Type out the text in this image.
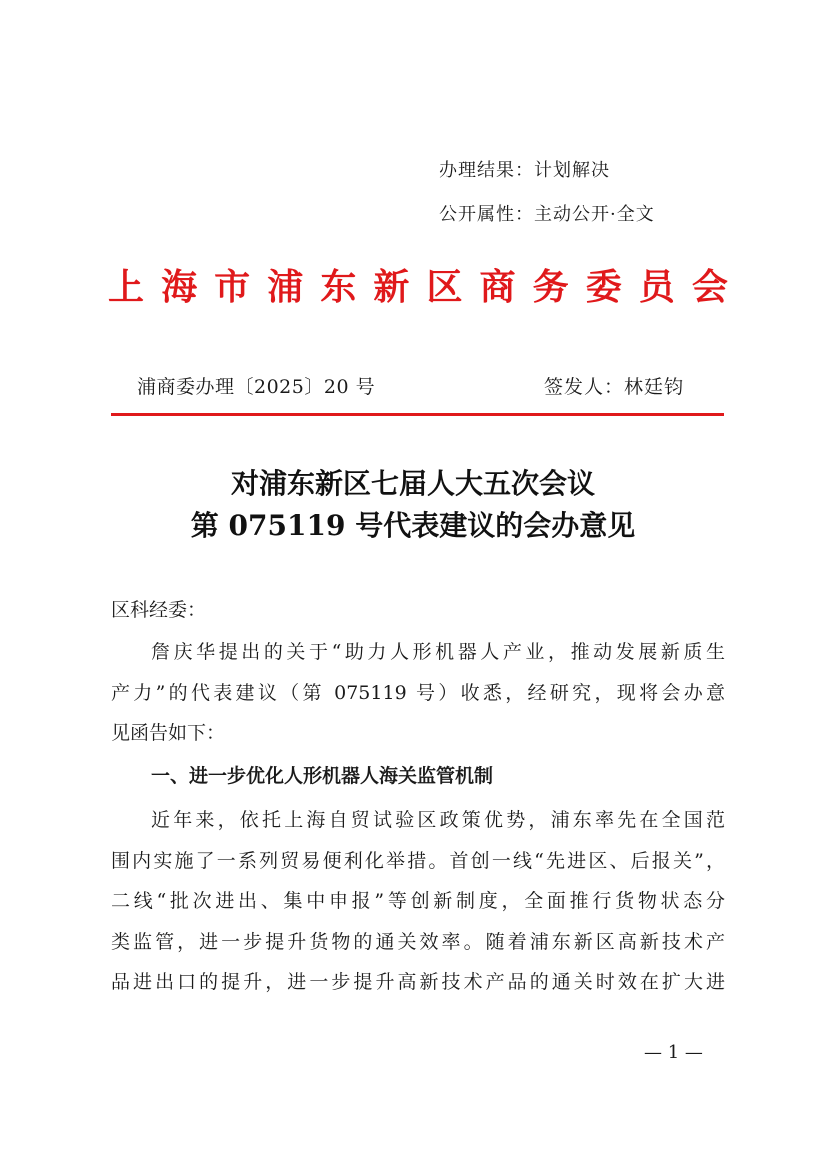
办理结果：计划解决
公开属性：主动公开·全文
上 海 市 浦 东 新 区 商 务 委 员 会
浦商委办理〔2025〕20 号	签发人：林廷钧
对浦东新区七届人大五次会议
第 075119 号代表建议的会办意见
区科经委：
詹庆华提出的关于“助力人形机器人产业，推动发展新质生
产力”的代表建议（第 075119 号）收悉，经研究，现将会办意
见函告如下：
一、进一步优化人形机器人海关监管机制
近年来，依托上海自贸试验区政策优势，浦东率先在全国范
围内实施了一系列贸易便利化举措。首创一线“先进区、后报关”，
二线“批次进出、集中申报”等创新制度，全面推行货物状态分
类监管，进一步提升货物的通关效率。随着浦东新区高新技术产
品进出口的提升，进一步提升高新技术产品的通关时效在扩大进
— 1 —
